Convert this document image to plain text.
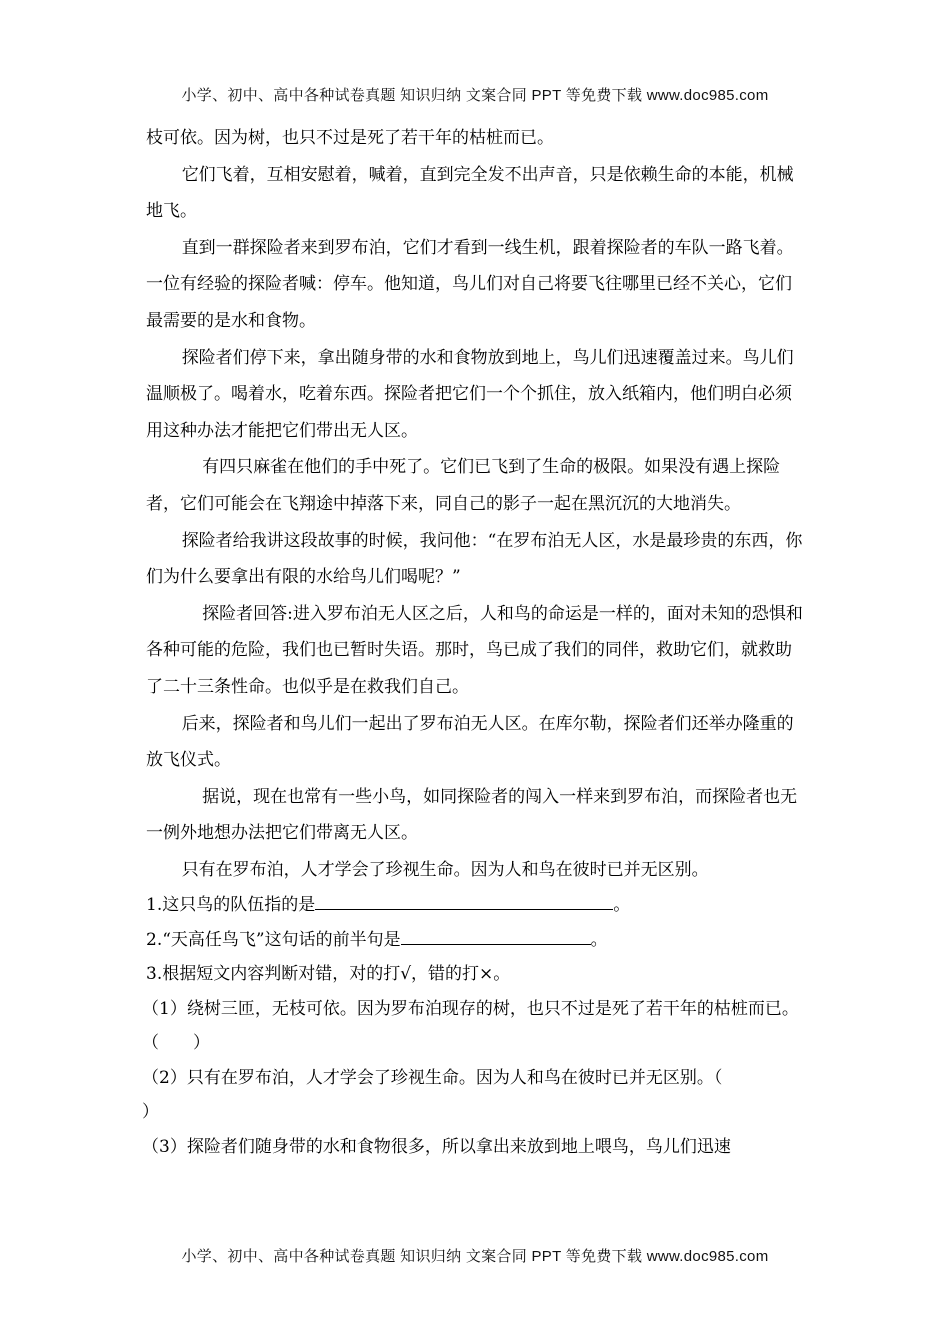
小学、初中、高中各种试卷真题 知识归纳 文案合同 PPT 等免费下载 www.doc985.com

枝可依。因为树，也只不过是死了若干年的枯桩而已。

它们飞着，互相安慰着，喊着，直到完全发不出声音，只是依赖生命的本能，机械地飞。

直到一群探险者来到罗布泊，它们才看到一线生机，跟着探险者的车队一路飞着。一位有经验的探险者喊：停车。他知道，鸟儿们对自己将要飞往哪里已经不关心，它们最需要的是水和食物。

探险者们停下来，拿出随身带的水和食物放到地上，鸟儿们迅速覆盖过来。鸟儿们温顺极了。喝着水，吃着东西。探险者把它们一个个抓住，放入纸箱内，他们明白必须用这种办法才能把它们带出无人区。

有四只麻雀在他们的手中死了。它们已飞到了生命的极限。如果没有遇上探险者，它们可能会在飞翔途中掉落下来，同自己的影子一起在黑沉沉的大地消失。

探险者给我讲这段故事的时候，我问他：“在罗布泊无人区，水是最珍贵的东西，你们为什么要拿出有限的水给鸟儿们喝呢？”

探险者回答:进入罗布泊无人区之后，人和鸟的命运是一样的，面对未知的恐惧和各种可能的危险，我们也已暂时失语。那时，鸟已成了我们的同伴，救助它们，就救助了二十三条性命。也似乎是在救我们自己。

后来，探险者和鸟儿们一起出了罗布泊无人区。在库尔勒，探险者们还举办隆重的放飞仪式。

据说，现在也常有一些小鸟，如同探险者的闯入一样来到罗布泊，而探险者也无一例外地想办法把它们带离无人区。

只有在罗布泊，人才学会了珍视生命。因为人和鸟在彼时已并无区别。

1.这只鸟的队伍指的是	。
2.“天高任鸟飞”这句话的前半句是	。
3.根据短文内容判断对错，对的打√，错的打×。
（1）绕树三匝，无枝可依。因为罗布泊现存的树，也只不过是死了若干年的枯桩而已。（　　）
（2）只有在罗布泊，人才学会了珍视生命。因为人和鸟在彼时已并无区别。（
）
（3）探险者们随身带的水和食物很多，所以拿出来放到地上喂鸟，鸟儿们迅速
小学、初中、高中各种试卷真题 知识归纳 文案合同 PPT 等免费下载 www.doc985.com
